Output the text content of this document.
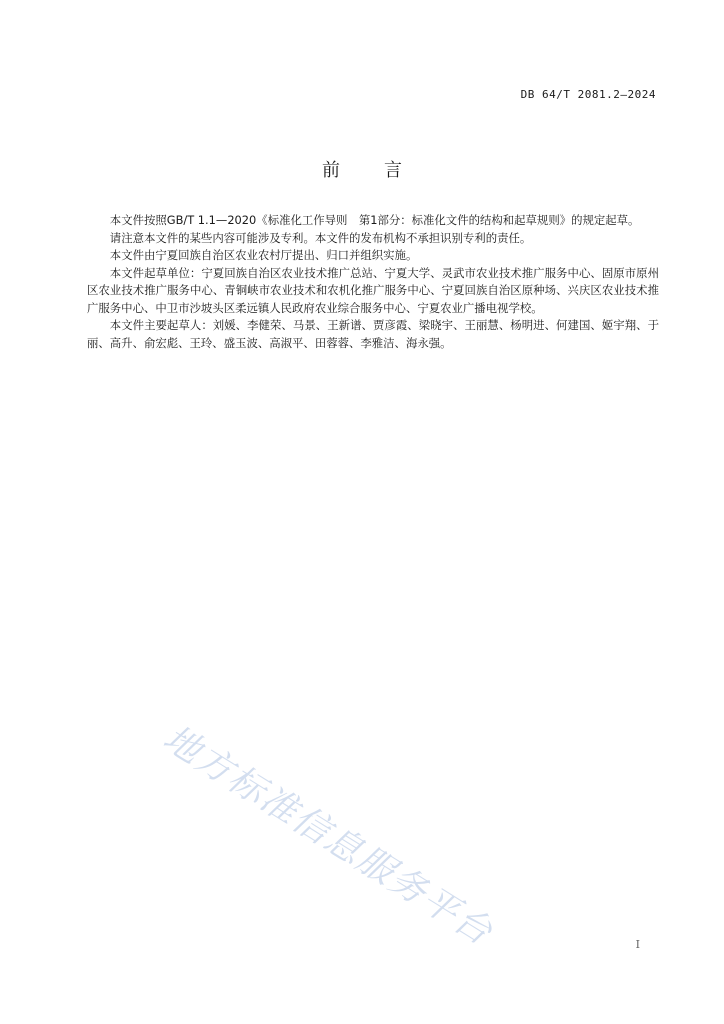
DB 64/T 2081.2—2024
前言

本文件按照GB/T 1.1—2020《标准化工作导则　第1部分：标准化文件的结构和起草规则》的规定起草。

请注意本文件的某些内容可能涉及专利。本文件的发布机构不承担识别专利的责任。

本文件由宁夏回族自治区农业农村厅提出、归口并组织实施。

本文件起草单位：宁夏回族自治区农业技术推广总站、宁夏大学、灵武市农业技术推广服务中心、固原市原州区农业技术推广服务中心、青铜峡市农业技术和农机化推广服务中心、宁夏回族自治区原种场、兴庆区农业技术推广服务中心、中卫市沙坡头区柔远镇人民政府农业综合服务中心、宁夏农业广播电视学校。

本文件主要起草人：刘媛、李健荣、马景、王新谱、贾彦霞、梁晓宇、王丽慧、杨明进、何建国、姬宇翔、于丽、高升、俞宏彪、王玲、盛玉波、高淑平、田蓉蓉、李雅洁、海永强。

地方标准信息服务平台	I
